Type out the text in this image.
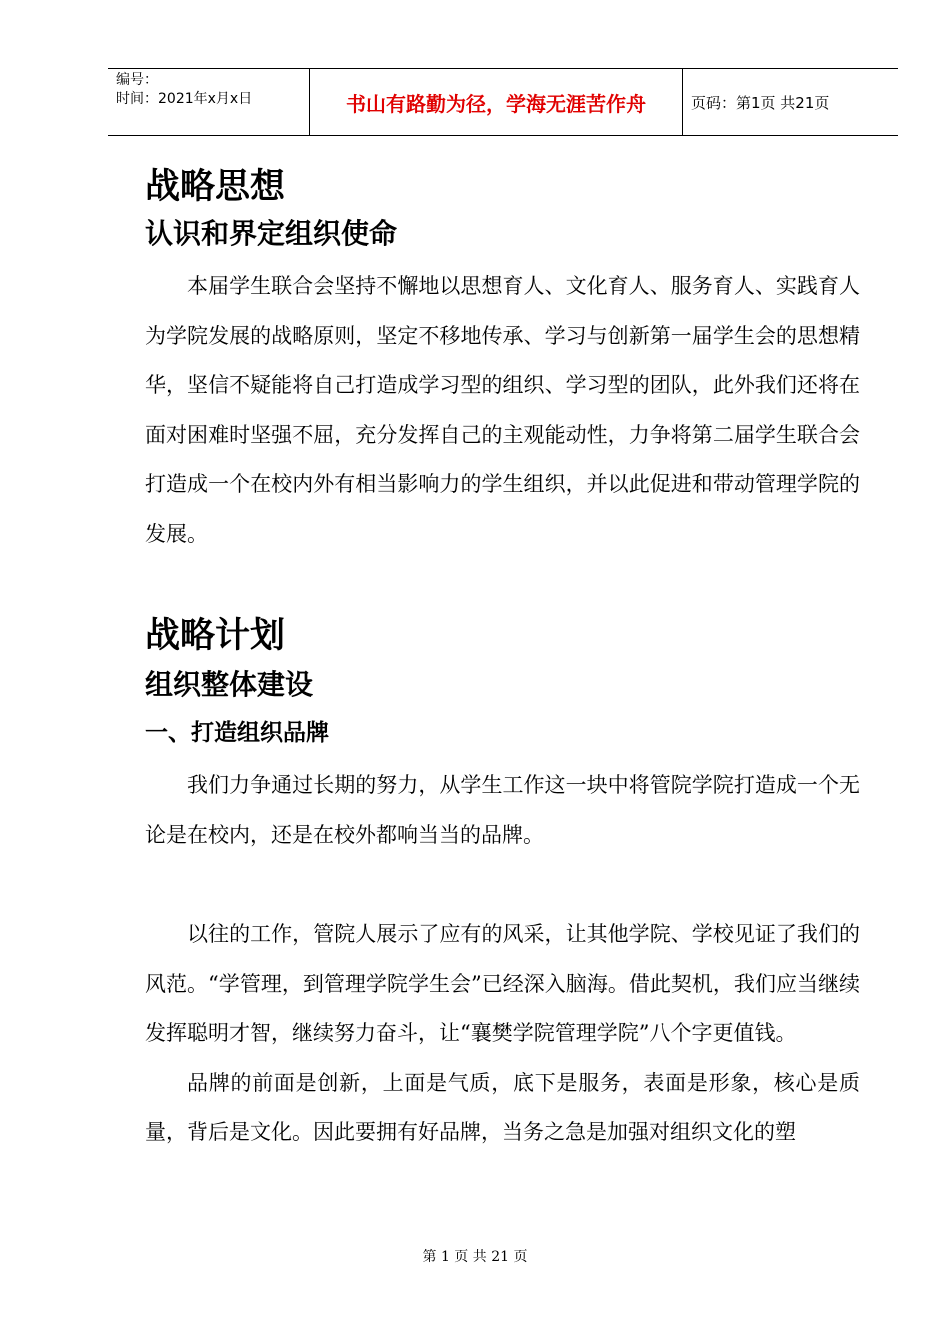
编号：
时间：2021年x月x日	书山有路勤为径，学海无涯苦作舟	页码：第1页 共21页
战略思想
认识和界定组织使命

本届学生联合会坚持不懈地以思想育人、文化育人、服务育人、实践育人为学院发展的战略原则，坚定不移地传承、学习与创新第一届学生会的思想精华，坚信不疑能将自己打造成学习型的组织、学习型的团队，此外我们还将在面对困难时坚强不屈，充分发挥自己的主观能动性，力争将第二届学生联合会打造成一个在校内外有相当影响力的学生组织，并以此促进和带动管理学院的发展。

战略计划
组织整体建设
一、打造组织品牌

我们力争通过长期的努力，从学生工作这一块中将管院学院打造成一个无论是在校内，还是在校外都响当当的品牌。

以往的工作，管院人展示了应有的风采，让其他学院、学校见证了我们的风范。“学管理，到管理学院学生会”已经深入脑海。借此契机，我们应当继续发挥聪明才智，继续努力奋斗，让“襄樊学院管理学院”八个字更值钱。

品牌的前面是创新，上面是气质，底下是服务，表面是形象，核心是质量，背后是文化。因此要拥有好品牌，当务之急是加强对组织文化的塑

第 1 页 共 21 页
